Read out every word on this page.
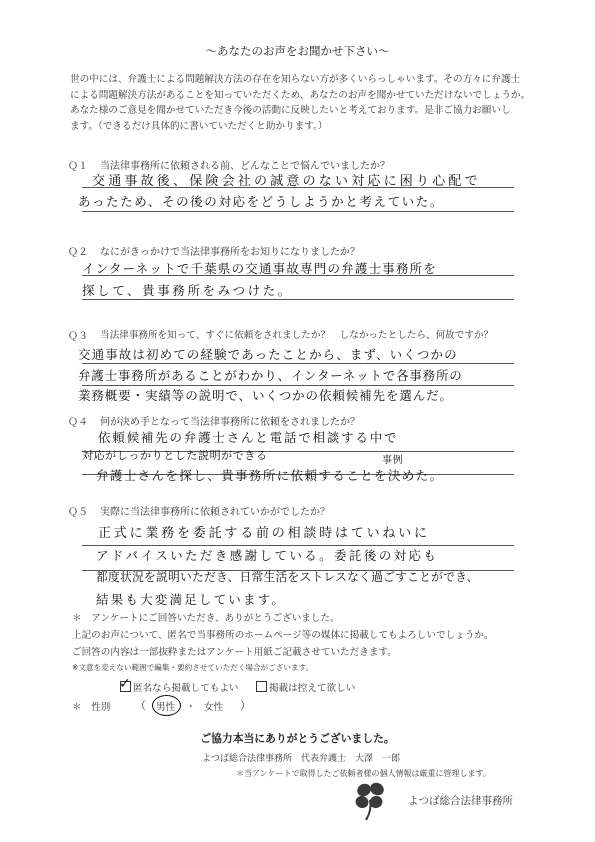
～あなたのお声をお聞かせ下さい～
世の中には、弁護士による問題解決方法の存在を知らない方が多くいらっしゃいます。その方々に弁護士
による問題解決方法があることを知っていただくため、あなたのお声を聞かせていただけないでしょうか。
あなた様のご意見を聞かせていただき今後の活動に反映したいと考えております。是非ご協力お願いし
ます。（できるだけ具体的に書いていただくと助かります。）
Ｑ１ 当法律事務所に依頼される前、どんなことで悩んでいましたか？
交通事故後、保険会社の誠意のない対応に困り心配で
あったため、その後の対応をどうしようかと考えていた。
Ｑ２ なにがきっかけで当法律事務所をお知りになりましたか？
インターネットで千葉県の交通事故専門の弁護士事務所を
探して、貴事務所をみつけた。
Ｑ３ 当法律事務所を知って、すぐに依頼をされましたか？　しなかったとしたら、何故ですか？
交通事故は初めての経験であったことから、まず、いくつかの
弁護士事務所があることがわかり、インターネットで各事務所の
業務概要・実績等の説明で、いくつかの依頼候補先を選んだ。
Ｑ４ 何が決め手となって当法律事務所に依頼をされましたか？
依頼候補先の弁護士さんと電話で相談する中で
対応がしっかりとした説明ができる	事例
弁護士さんを探し、貴事務所に依頼することを決めた。
Ｑ５ 実際に当法律事務所に依頼されていかがでしたか？
正式に業務を委託する前の相談時はていねいに
アドバイスいただき感謝している。委託後の対応も
都度状況を説明いただき、日常生活をストレスなく過ごすことができ、
結果も大変満足しています。
＊　アンケートにご回答いただき、ありがとうございました。
上記のお声について、匿名で当事務所のホームページ等の媒体に掲載してもよろしいでしょうか。
ご回答の内容は一部抜粋またはアンケート用紙ご記載させていただきます。
※文意を変えない範囲で編集・要約させていただく場合がございます。
✓ 匿名なら掲載してもよい	掲載は控えて欲しい
＊　性別 （ 男性 ・ 女性 ）
ご協力本当にありがとうございました。
よつば総合法律事務所　代表弁護士　大澤　一郎
＊当アンケートで取得したご依頼者様の個人情報は厳重に管理します。
よつば総合法律事務所
